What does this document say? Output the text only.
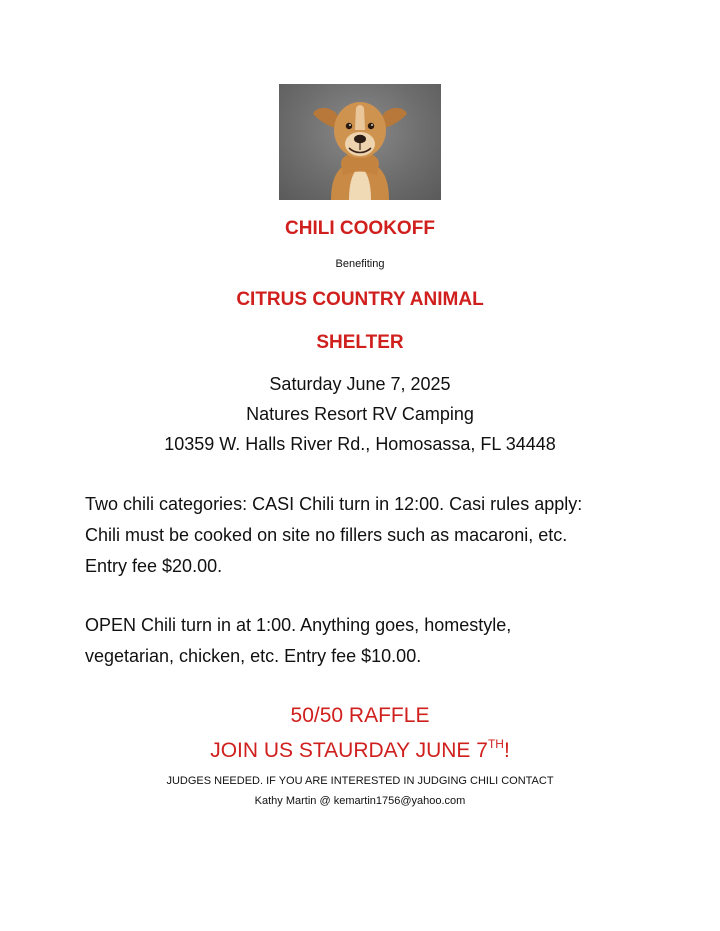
CHILI COOKOFF
Benefiting
CITRUS COUNTRY ANIMAL
SHELTER
Saturday June 7, 2025
Natures Resort RV Camping
10359 W. Halls River Rd., Homosassa, FL 34448
Two chili categories: CASI Chili turn in 12:00. Casi rules apply:
Chili must be cooked on site no fillers such as macaroni, etc.
Entry fee $20.00.
OPEN Chili turn in at 1:00. Anything goes, homestyle,
vegetarian, chicken, etc. Entry fee $10.00.
50/50 RAFFLE
JOIN US STAURDAY JUNE 7TH!
JUDGES NEEDED. IF YOU ARE INTERESTED IN JUDGING CHILI CONTACT
Kathy Martin @ kemartin1756@yahoo.com
